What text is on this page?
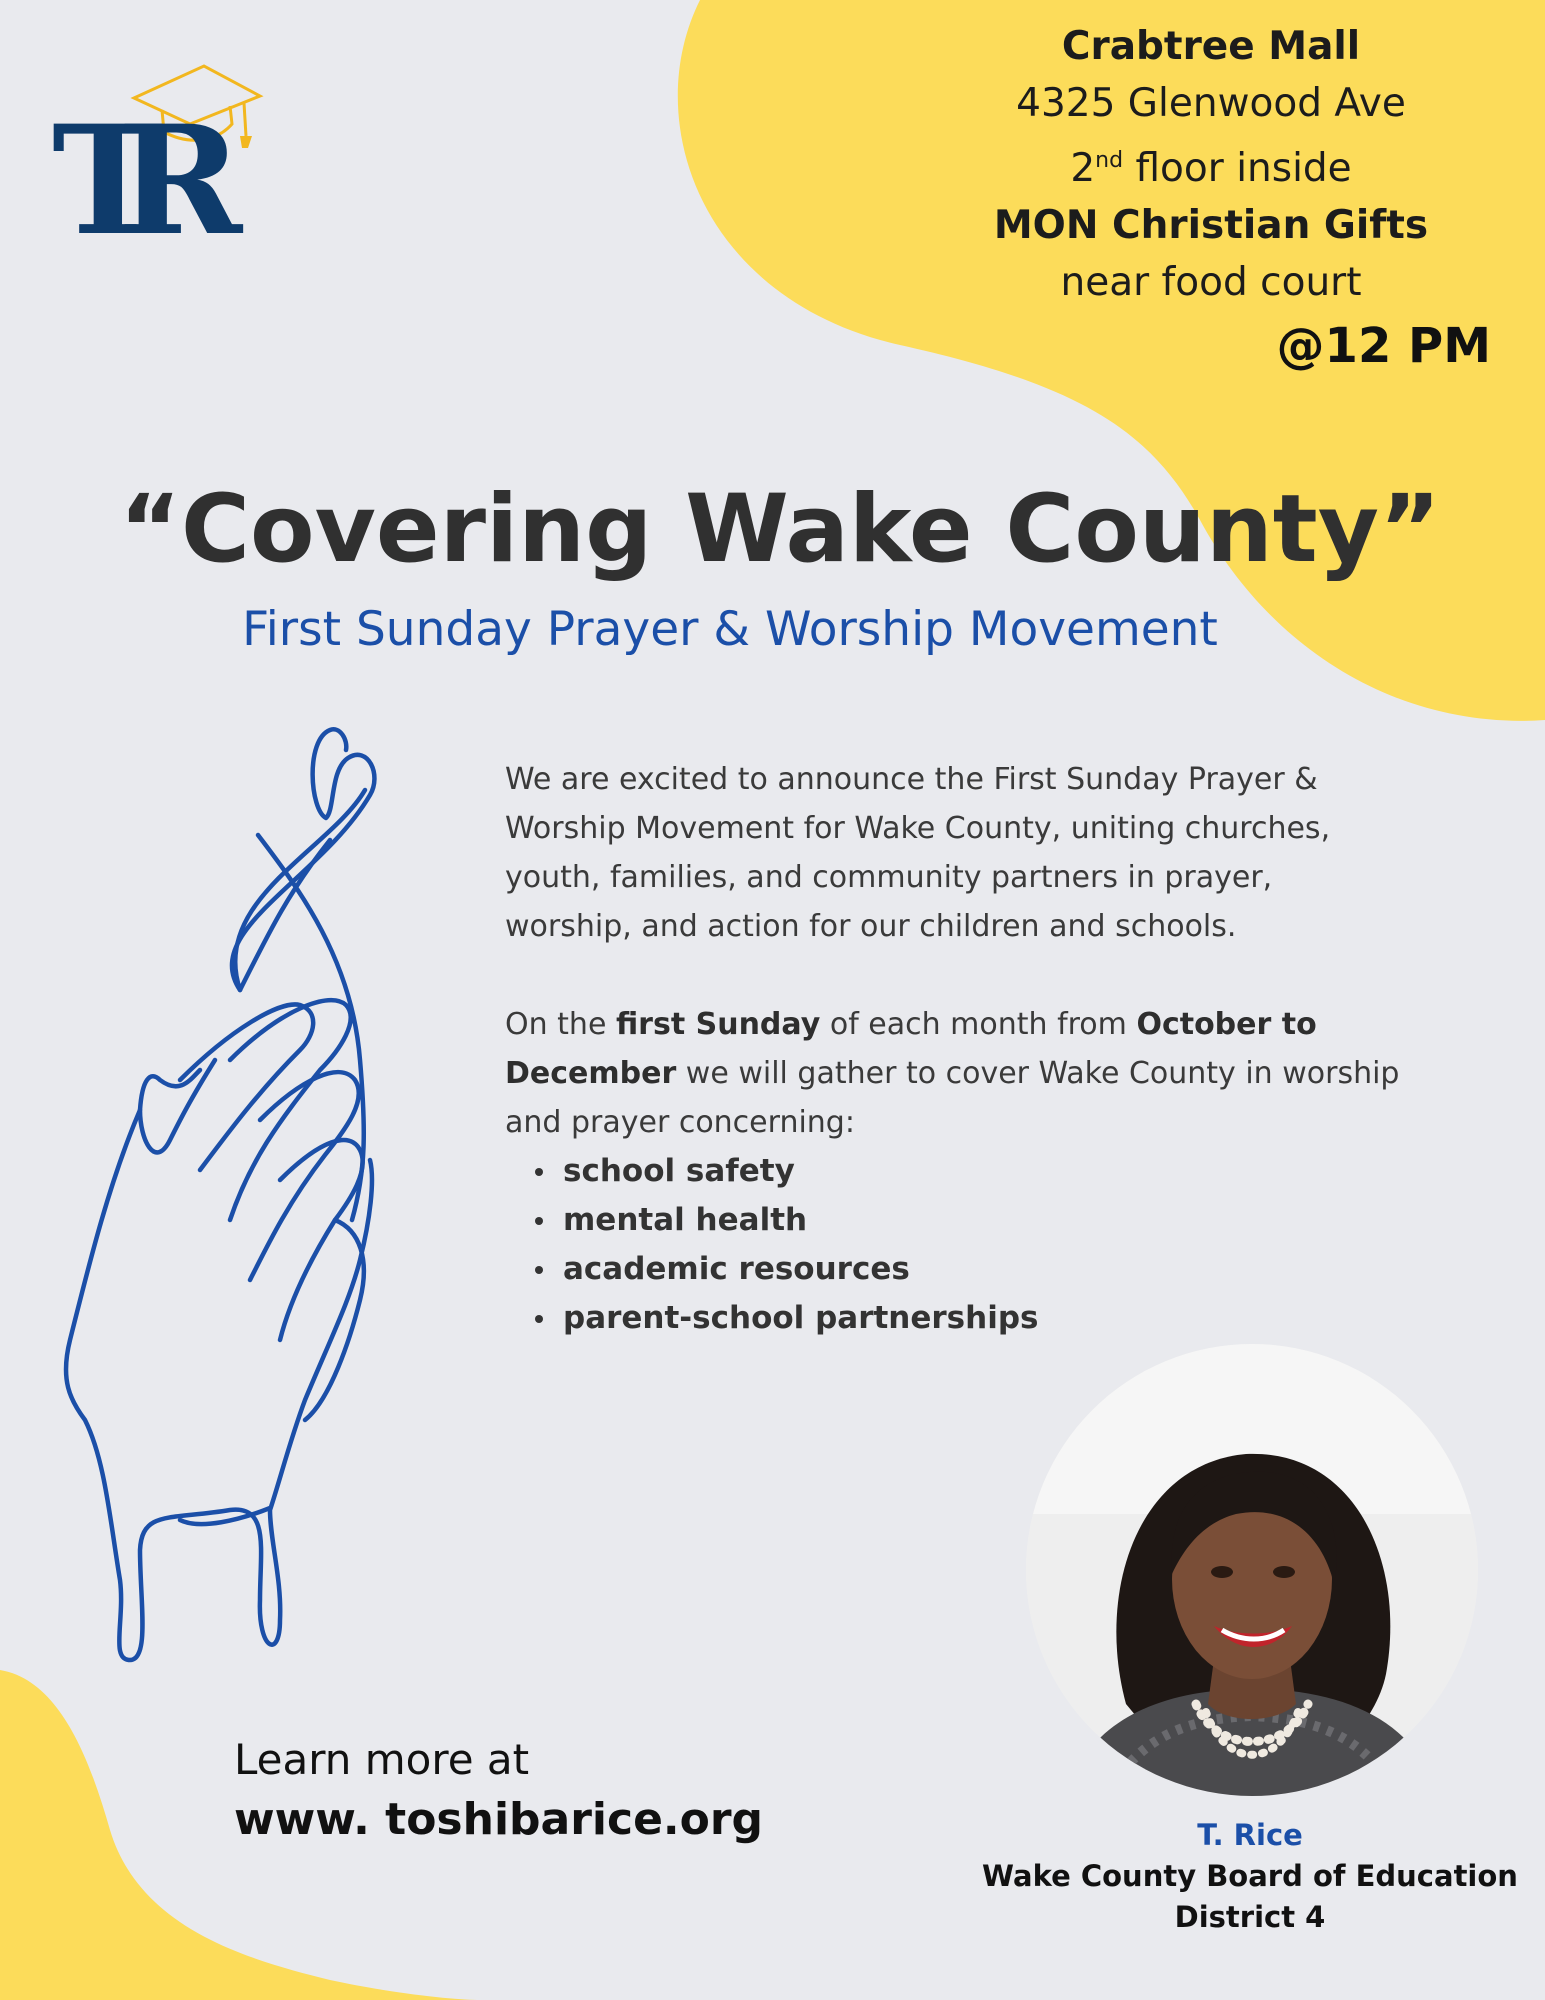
TR
Crabtree Mall
4325 Glenwood Ave
2nd floor inside
MON Christian Gifts
near food court
@12 PM
“Covering Wake County”
First Sunday Prayer & Worship Movement

We are excited to announce the First Sunday Prayer & Worship Movement for Wake County, uniting churches, youth, families, and community partners in prayer, worship, and action for our children and schools.

On the first Sunday of each month from October to December we will gather to cover Wake County in worship and prayer concerning:

school safety
mental health
academic resources
parent-school partnerships
Learn more at
www. toshibarice.org	T. Rice
Wake County Board of Education
District 4
